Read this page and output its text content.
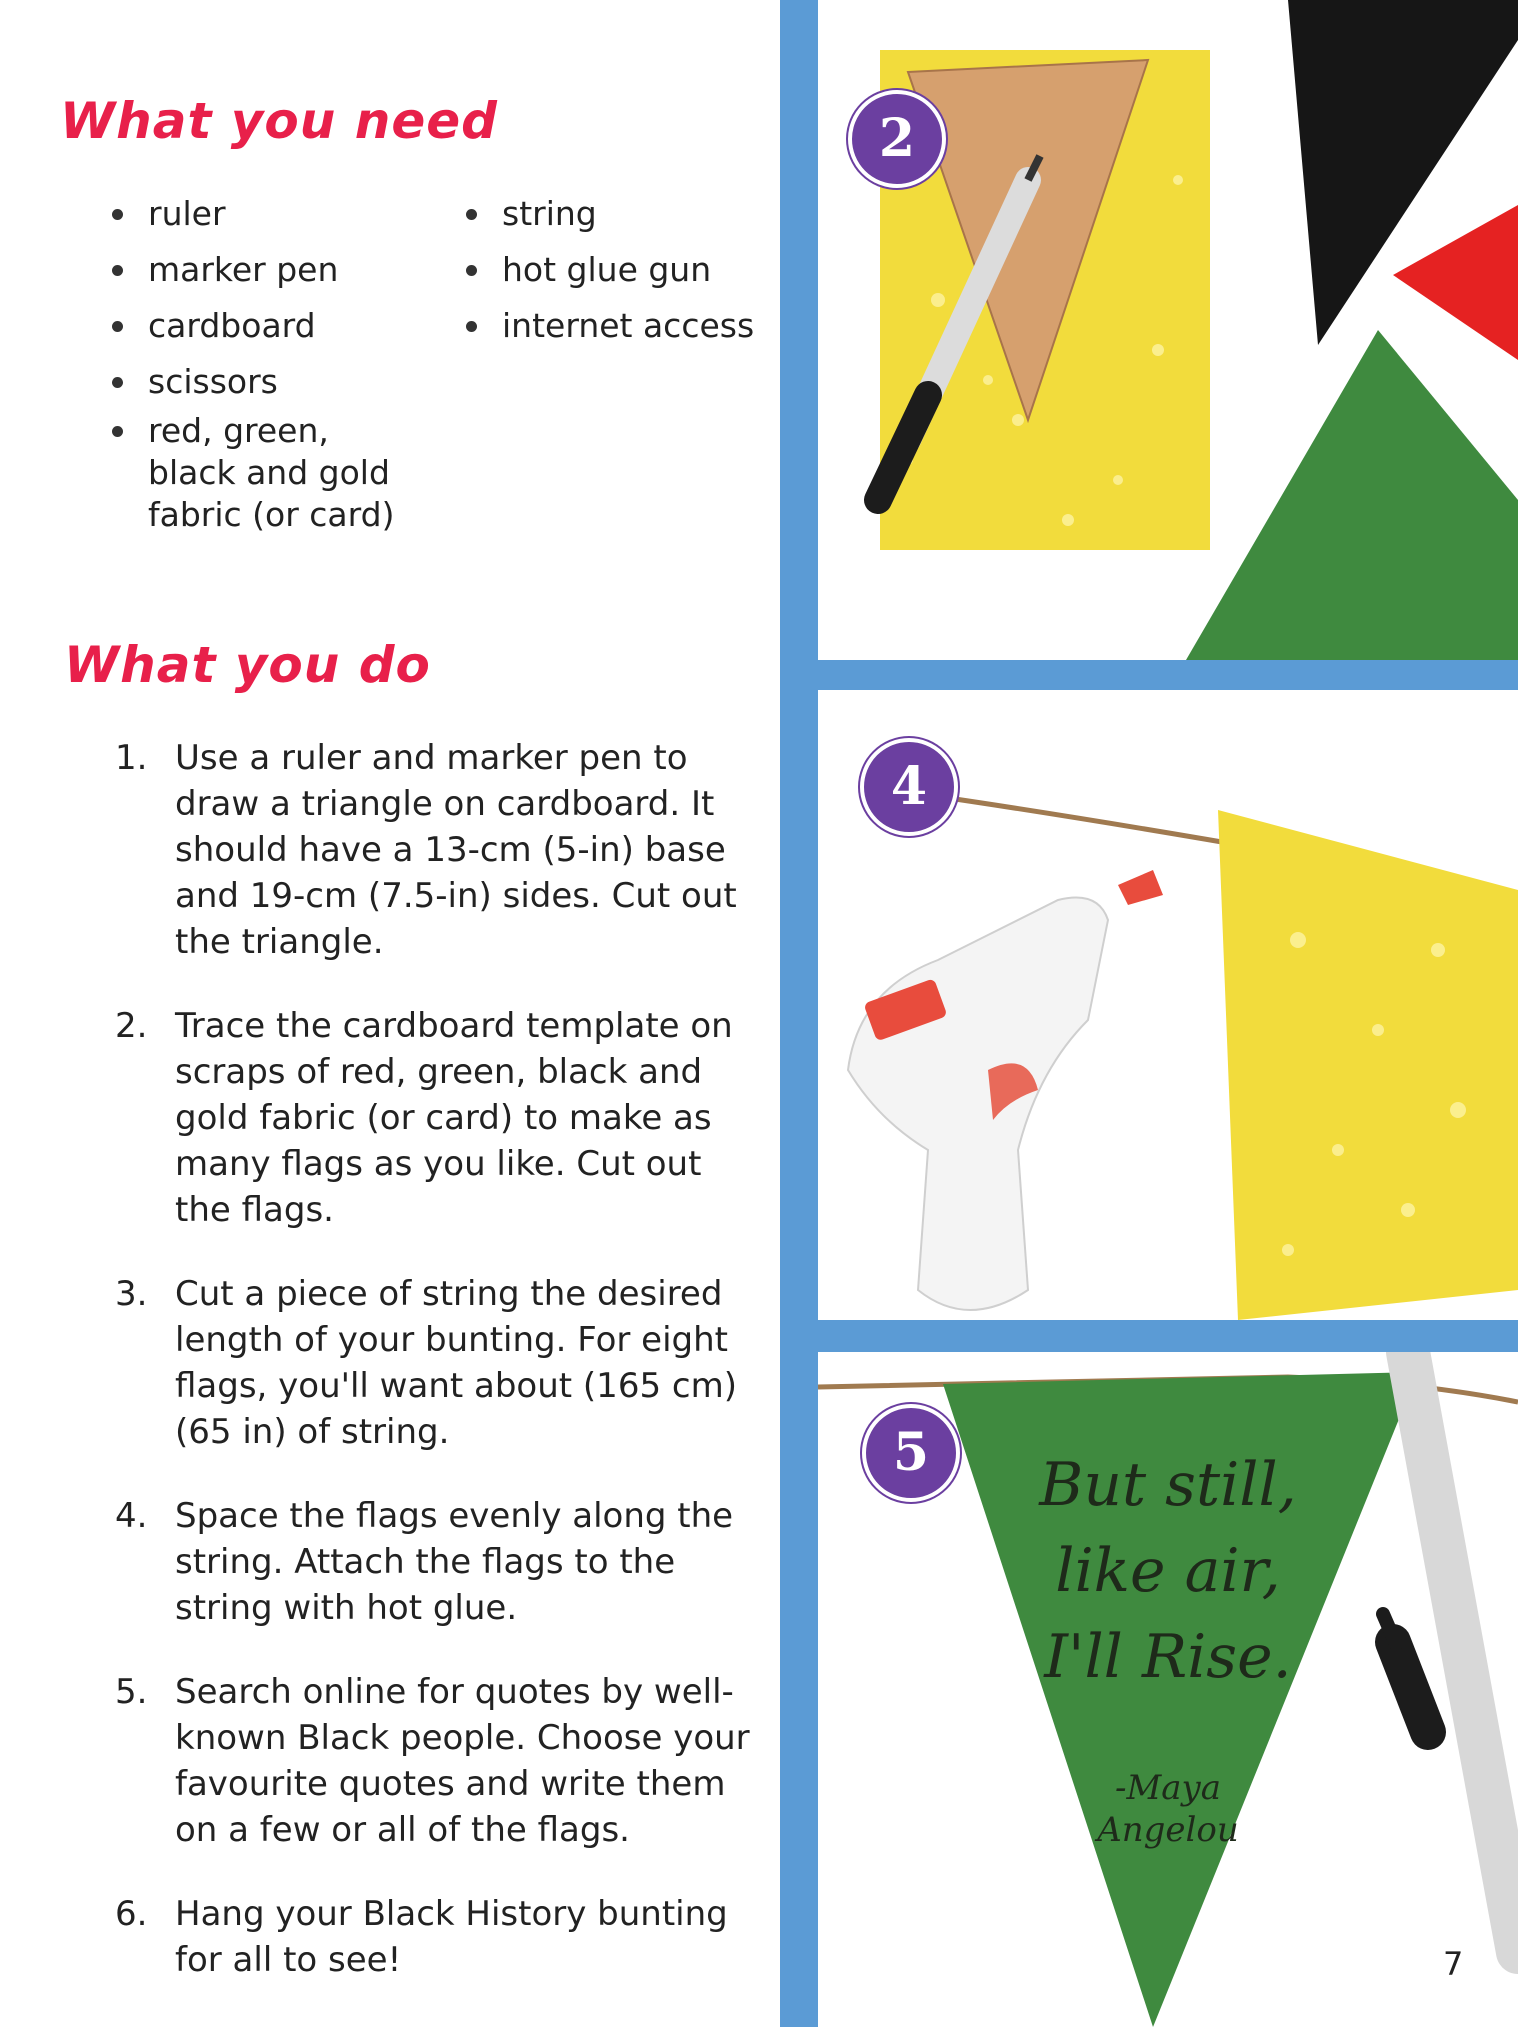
What you need
ruler
marker pen
cardboard
scissors
red, green,
black and gold
fabric (or card)
string
hot glue gun
internet access
What you do
1. Use a ruler and marker pen to draw a triangle on cardboard. It should have a 13-cm (5-in) base and 19-cm (7.5-in) sides. Cut out the triangle.
2. Trace the cardboard template on scraps of red, green, black and gold fabric (or card) to make as many flags as you like. Cut out the flags.
3. Cut a piece of string the desired length of your bunting. For eight flags, you'll want about (165 cm) (65 in) of string.
4. Space the flags evenly along the string. Attach the flags to the string with hot glue.
5. Search online for quotes by well-known Black people. Choose your favourite quotes and write them on a few or all of the flags.
6. Hang your Black History bunting for all to see!
But still,
like air,
I'll Rise.
-Maya
Angelou
2
4
5
7
